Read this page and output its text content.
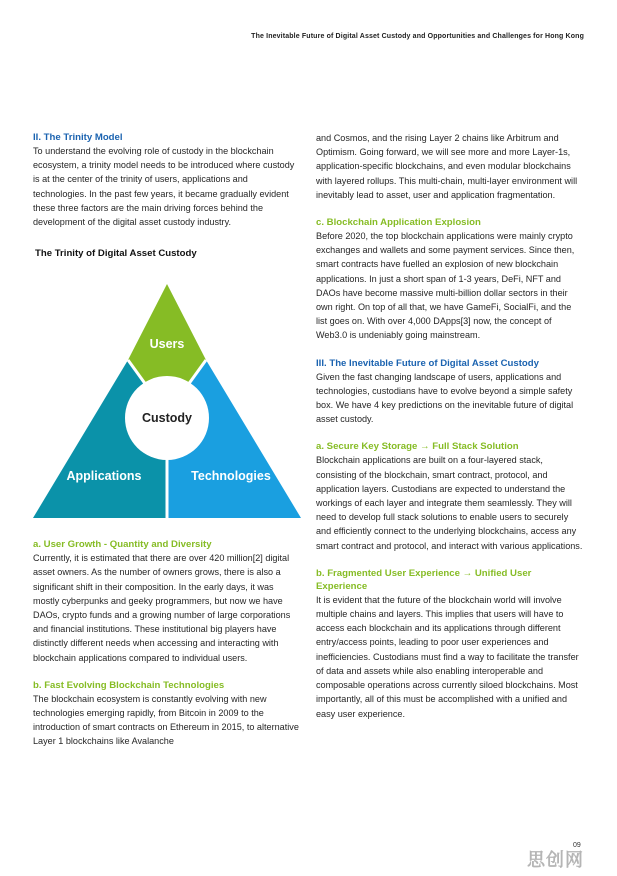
The Inevitable Future of Digital Asset Custody and Opportunities and Challenges for Hong Kong
II. The Trinity Model

To understand the evolving role of custody in the blockchain ecosystem, a trinity model needs to be introduced where custody is at the center of the trinity of users, applications and technologies. In the past few years, it became gradually evident these three factors are the main driving forces behind the development of the digital asset custody industry.

The Trinity of Digital Asset Custody
Users
Custody
Applications	Technologies
a. User Growth - Quantity and Diversity

Currently, it is estimated that there are over 420 million[2] digital asset owners. As the number of owners grows, there is also a significant shift in their composition. In the early days, it was mostly cyberpunks and geeky programmers, but now we have DAOs, crypto funds and a growing number of large corporations and financial institutions. These institutional big players have distinctly different needs when accessing and interacting with blockchain applications compared to individual users.

b. Fast Evolving Blockchain Technologies

The blockchain ecosystem is constantly evolving with new technologies emerging rapidly, from Bitcoin in 2009 to the introduction of smart contracts on Ethereum in 2015, to alternative Layer 1 blockchains like Avalanche

and Cosmos, and the rising Layer 2 chains like Arbitrum and Optimism. Going forward, we will see more and more Layer-1s, application-specific blockchains, and even modular blockchains with layered rollups. This multi-chain, multi-layer environment will inevitably lead to asset, user and application fragmentation.

c. Blockchain Application Explosion

Before 2020, the top blockchain applications were mainly crypto exchanges and wallets and some payment services. Since then, smart contracts have fuelled an explosion of new blockchain applications. In just a short span of 1-3 years, DeFi, NFT and DAOs have become massive multi-billion dollar sectors in their own right. On top of all that, we have GameFi, SocialFi, and the list goes on. With over 4,000 DApps[3] now, the concept of Web3.0 is undeniably going mainstream.

III. The Inevitable Future of Digital Asset Custody

Given the fast changing landscape of users, applications and technologies, custodians have to evolve beyond a simple safety box. We have 4 key predictions on the inevitable future of digital asset custody.

a. Secure Key Storage → Full Stack Solution

Blockchain applications are built on a four-layered stack, consisting of the blockchain, smart contract, protocol, and application layers. Custodians are expected to understand the workings of each layer and integrate them seamlessly. They will need to develop full stack solutions to enable users to securely and efficiently connect to the underlying blockchains, access any smart contract and protocol, and interact with various applications.

b. Fragmented User Experience → Unified User
Experience

It is evident that the future of the blockchain world will involve multiple chains and layers. This implies that users will have to access each blockchain and its applications through different entry/access points, leading to poor user experiences and inefficiencies. Custodians must find a way to facilitate the transfer of data and assets while also enabling interoperable and composable operations across currently siloed blockchains. Most importantly, all of this must be accomplished with a unified and easy user experience.

09
思创网
